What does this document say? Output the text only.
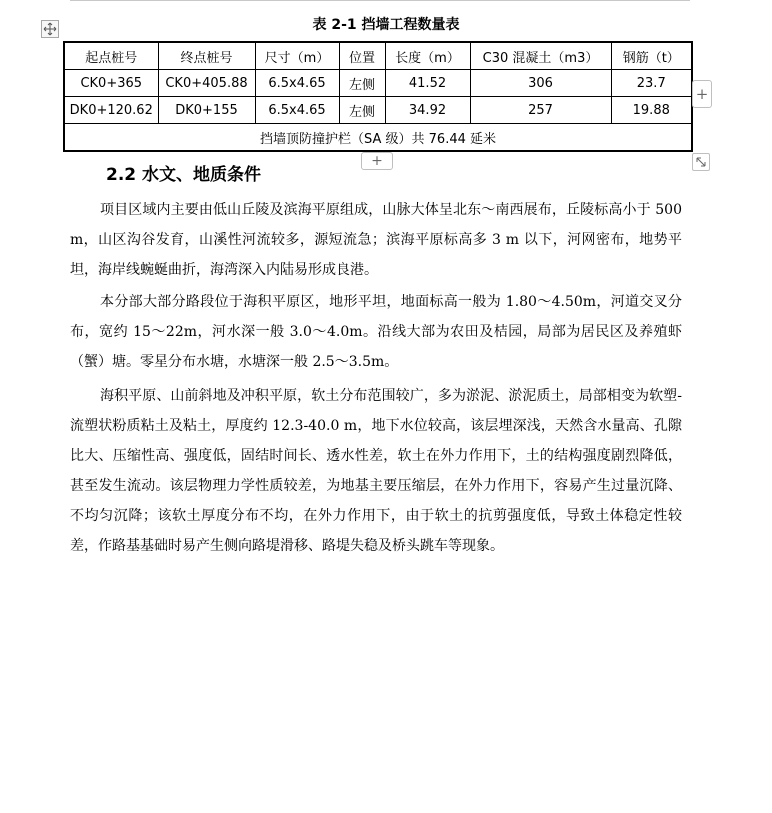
表 2-1 挡墙工程数量表
起点桩号	终点桩号	尺寸（m）	位置	长度（m）	C30 混凝土（m3）	钢筋（t）
CK0+365	CK0+405.88	6.5x4.65	左侧	41.52	306	23.7
DK0+120.62	DK0+155	6.5x4.65	左侧	34.92	257	19.88
挡墙顶防撞护栏（SA 级）共 76.44 延米						
+
+
2.2 水文、地质条件
项目区域内主要由低山丘陵及滨海平原组成，山脉大体呈北东～南西展布，丘陵标高小于 500m，山区沟谷发育，山溪性河流较多，源短流急；滨海平原标高多 3 m 以下，河网密布，地势平坦，海岸线蜿蜒曲折，海湾深入内陆易形成良港。
本分部大部分路段位于海积平原区，地形平坦，地面标高一般为 1.80～4.50m，河道交叉分布，宽约 15～22m，河水深一般 3.0～4.0m。沿线大部为农田及桔园，局部为居民区及养殖虾（蟹）塘。零星分布水塘，水塘深一般 2.5～3.5m。
海积平原、山前斜地及冲积平原，软土分布范围较广，多为淤泥、淤泥质土，局部相变为软塑-流塑状粉质粘土及粘土，厚度约 12.3-40.0 m，地下水位较高，该层埋深浅，天然含水量高、孔隙比大、压缩性高、强度低，固结时间长、透水性差，软土在外力作用下，土的结构强度剧烈降低，甚至发生流动。该层物理力学性质较差，为地基主要压缩层，在外力作用下，容易产生过量沉降、不均匀沉降；该软土厚度分布不均，在外力作用下，由于软土的抗剪强度低，导致土体稳定性较差，作路基基础时易产生侧向路堤滑移、路堤失稳及桥头跳车等现象。
